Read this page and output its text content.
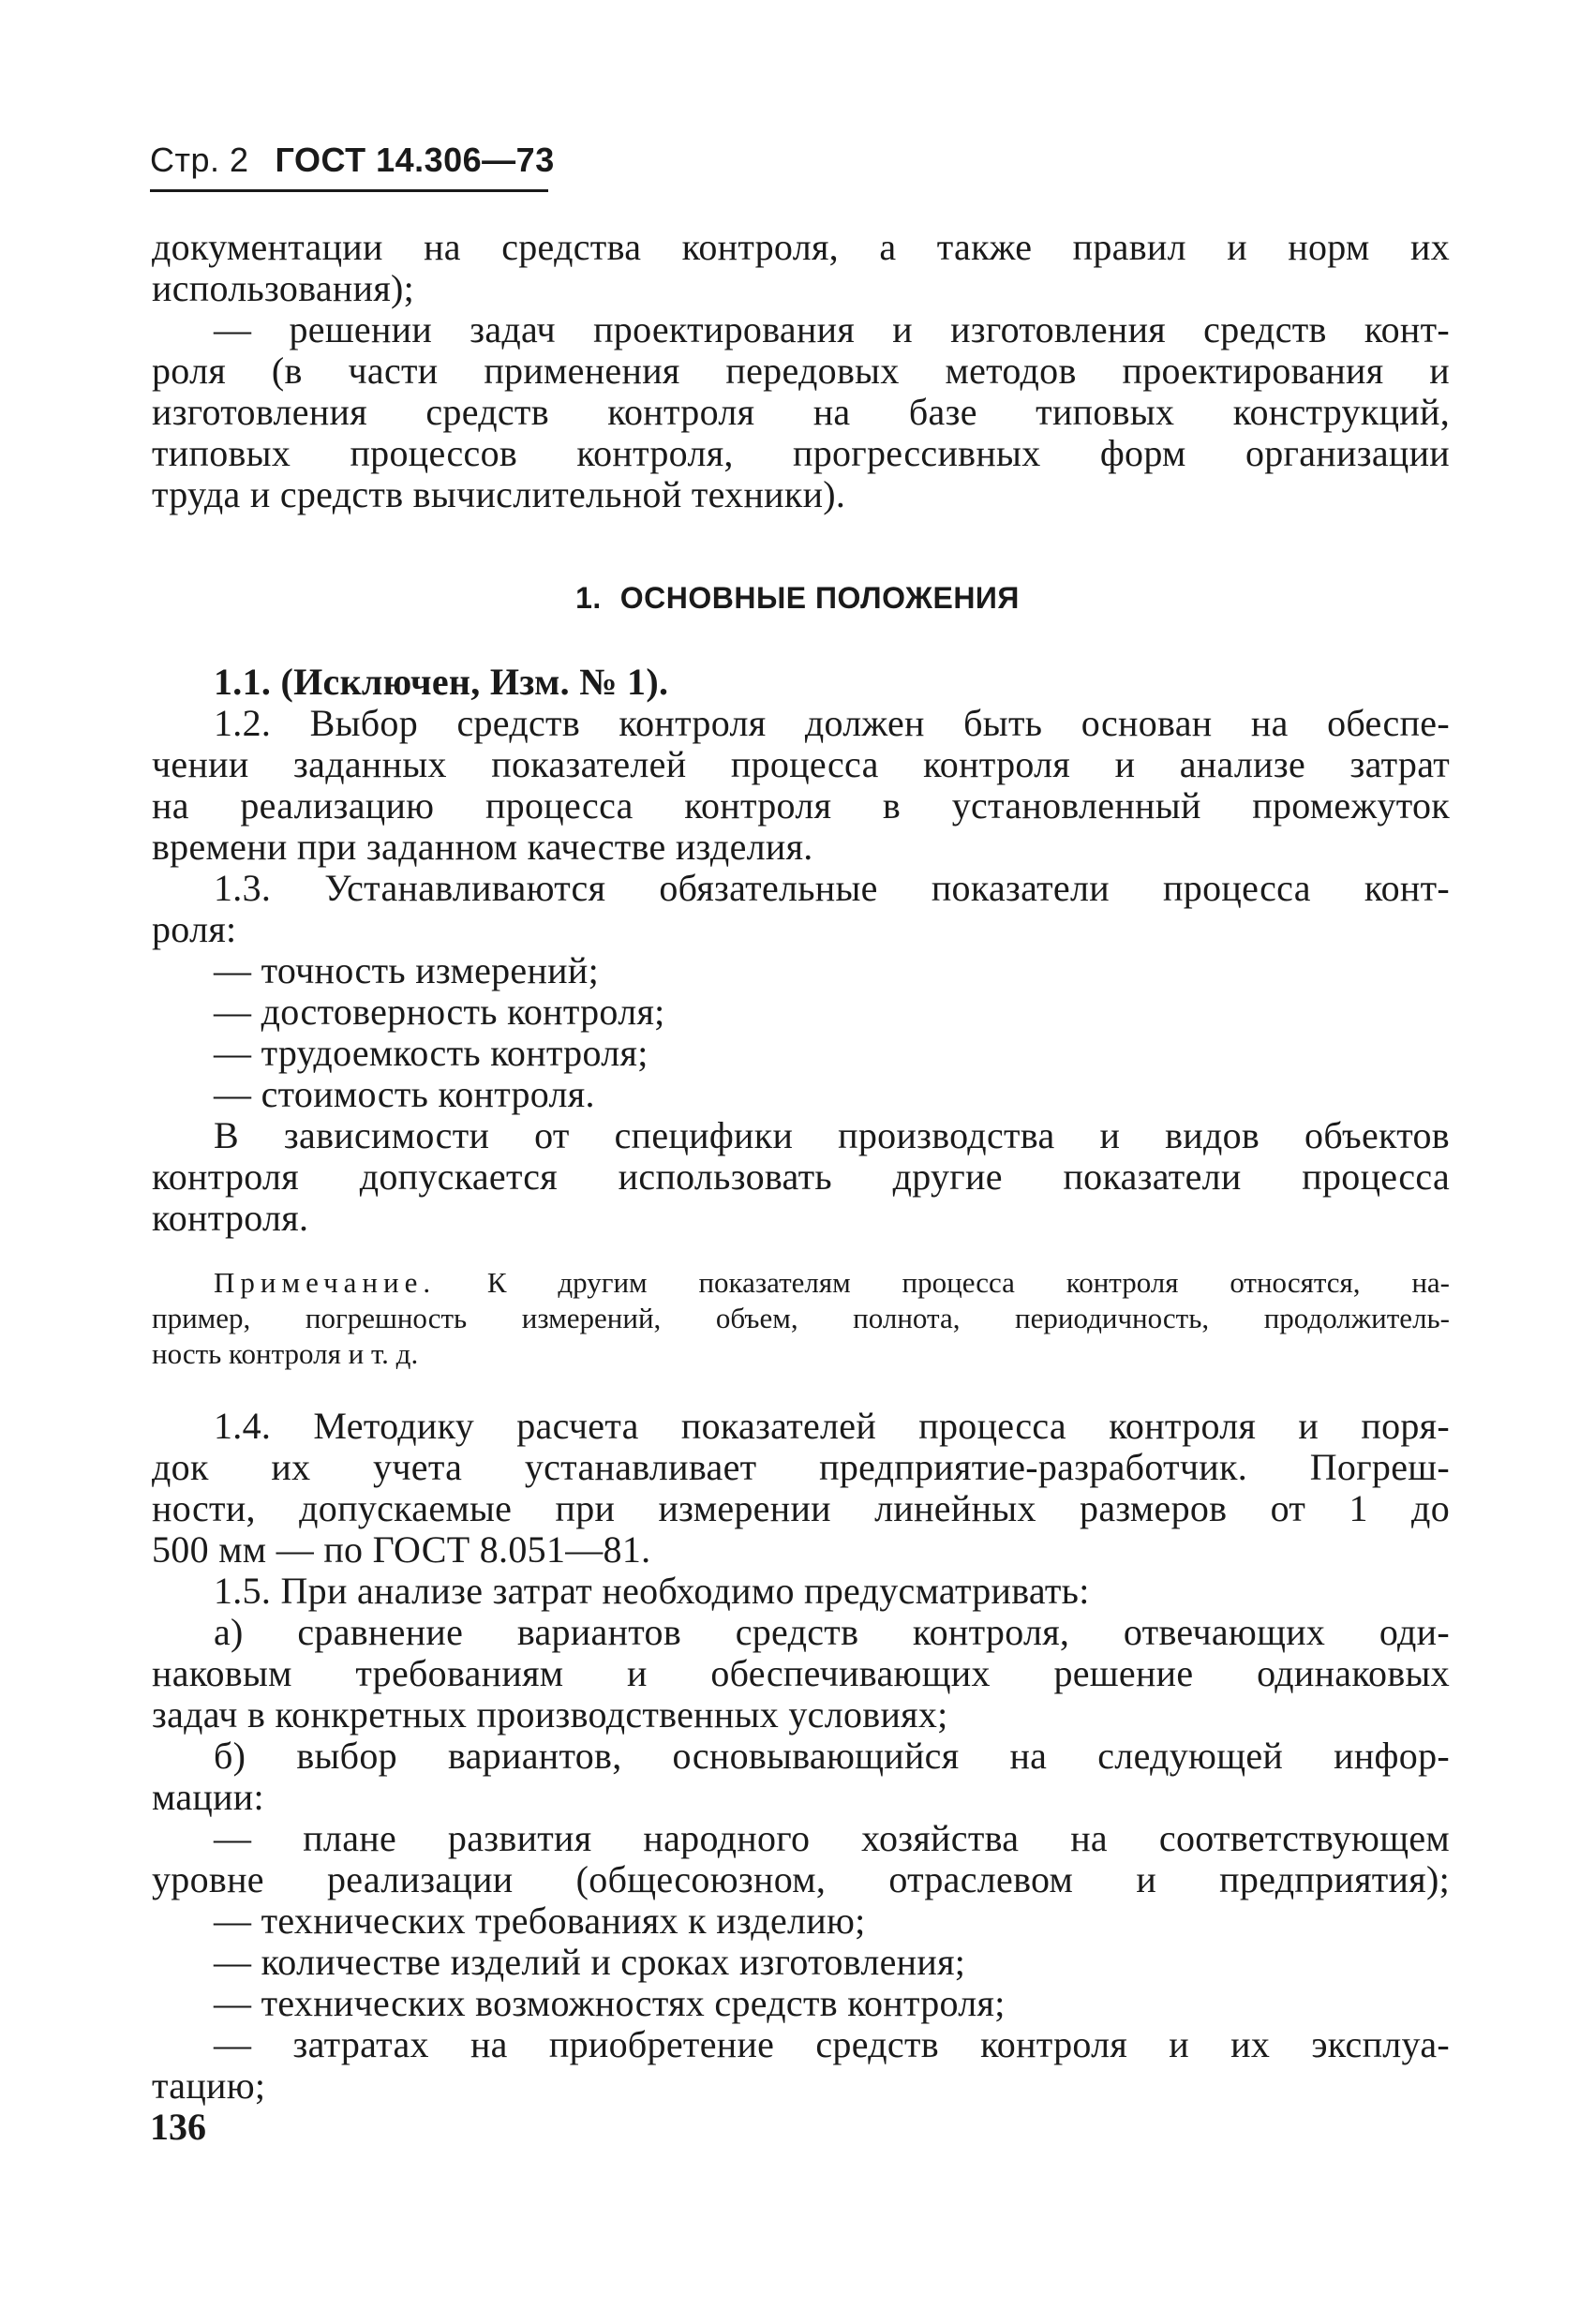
Стр. 2 ГОСТ 14.306—73
документации на средства контроля, а также правил и норм их
использования);
— решении задач проектирования и изготовления средств конт-
роля (в части применения передовых методов проектирования и
изготовления средств контроля на базе типовых конструкций,
типовых процессов контроля, прогрессивных форм организации
труда и средств вычислительной техники).
1. ОСНОВНЫЕ ПОЛОЖЕНИЯ
1.1. (Исключен, Изм. № 1).
1.2. Выбор средств контроля должен быть основан на обеспе-
чении заданных показателей процесса контроля и анализе затрат
на реализацию процесса контроля в установленный промежуток
времени при заданном качестве изделия.
1.3. Устанавливаются обязательные показатели процесса конт-
роля:
— точность измерений;
— достоверность контроля;
— трудоемкость контроля;
— стоимость контроля.
В зависимости от специфики производства и видов объектов
контроля допускается использовать другие показатели процесса
контроля.
Примечание. К другим показателям процесса контроля относятся, на-
пример, погрешность измерений, объем, полнота, периодичность, продолжитель-
ность контроля и т. д.
1.4. Методику расчета показателей процесса контроля и поря-
док их учета устанавливает предприятие-разработчик. Погреш-
ности, допускаемые при измерении линейных размеров от 1 до
500 мм — по ГОСТ 8.051—81.
1.5. При анализе затрат необходимо предусматривать:
а) сравнение вариантов средств контроля, отвечающих оди-
наковым требованиям и обеспечивающих решение одинаковых
задач в конкретных производственных условиях;
б) выбор вариантов, основывающийся на следующей инфор-
мации:
— плане развития народного хозяйства на соответствующем
уровне реализации (общесоюзном, отраслевом и предприятия);
— технических требованиях к изделию;
— количестве изделий и сроках изготовления;
— технических возможностях средств контроля;
— затратах на приобретение средств контроля и их эксплуа-
тацию;
136
